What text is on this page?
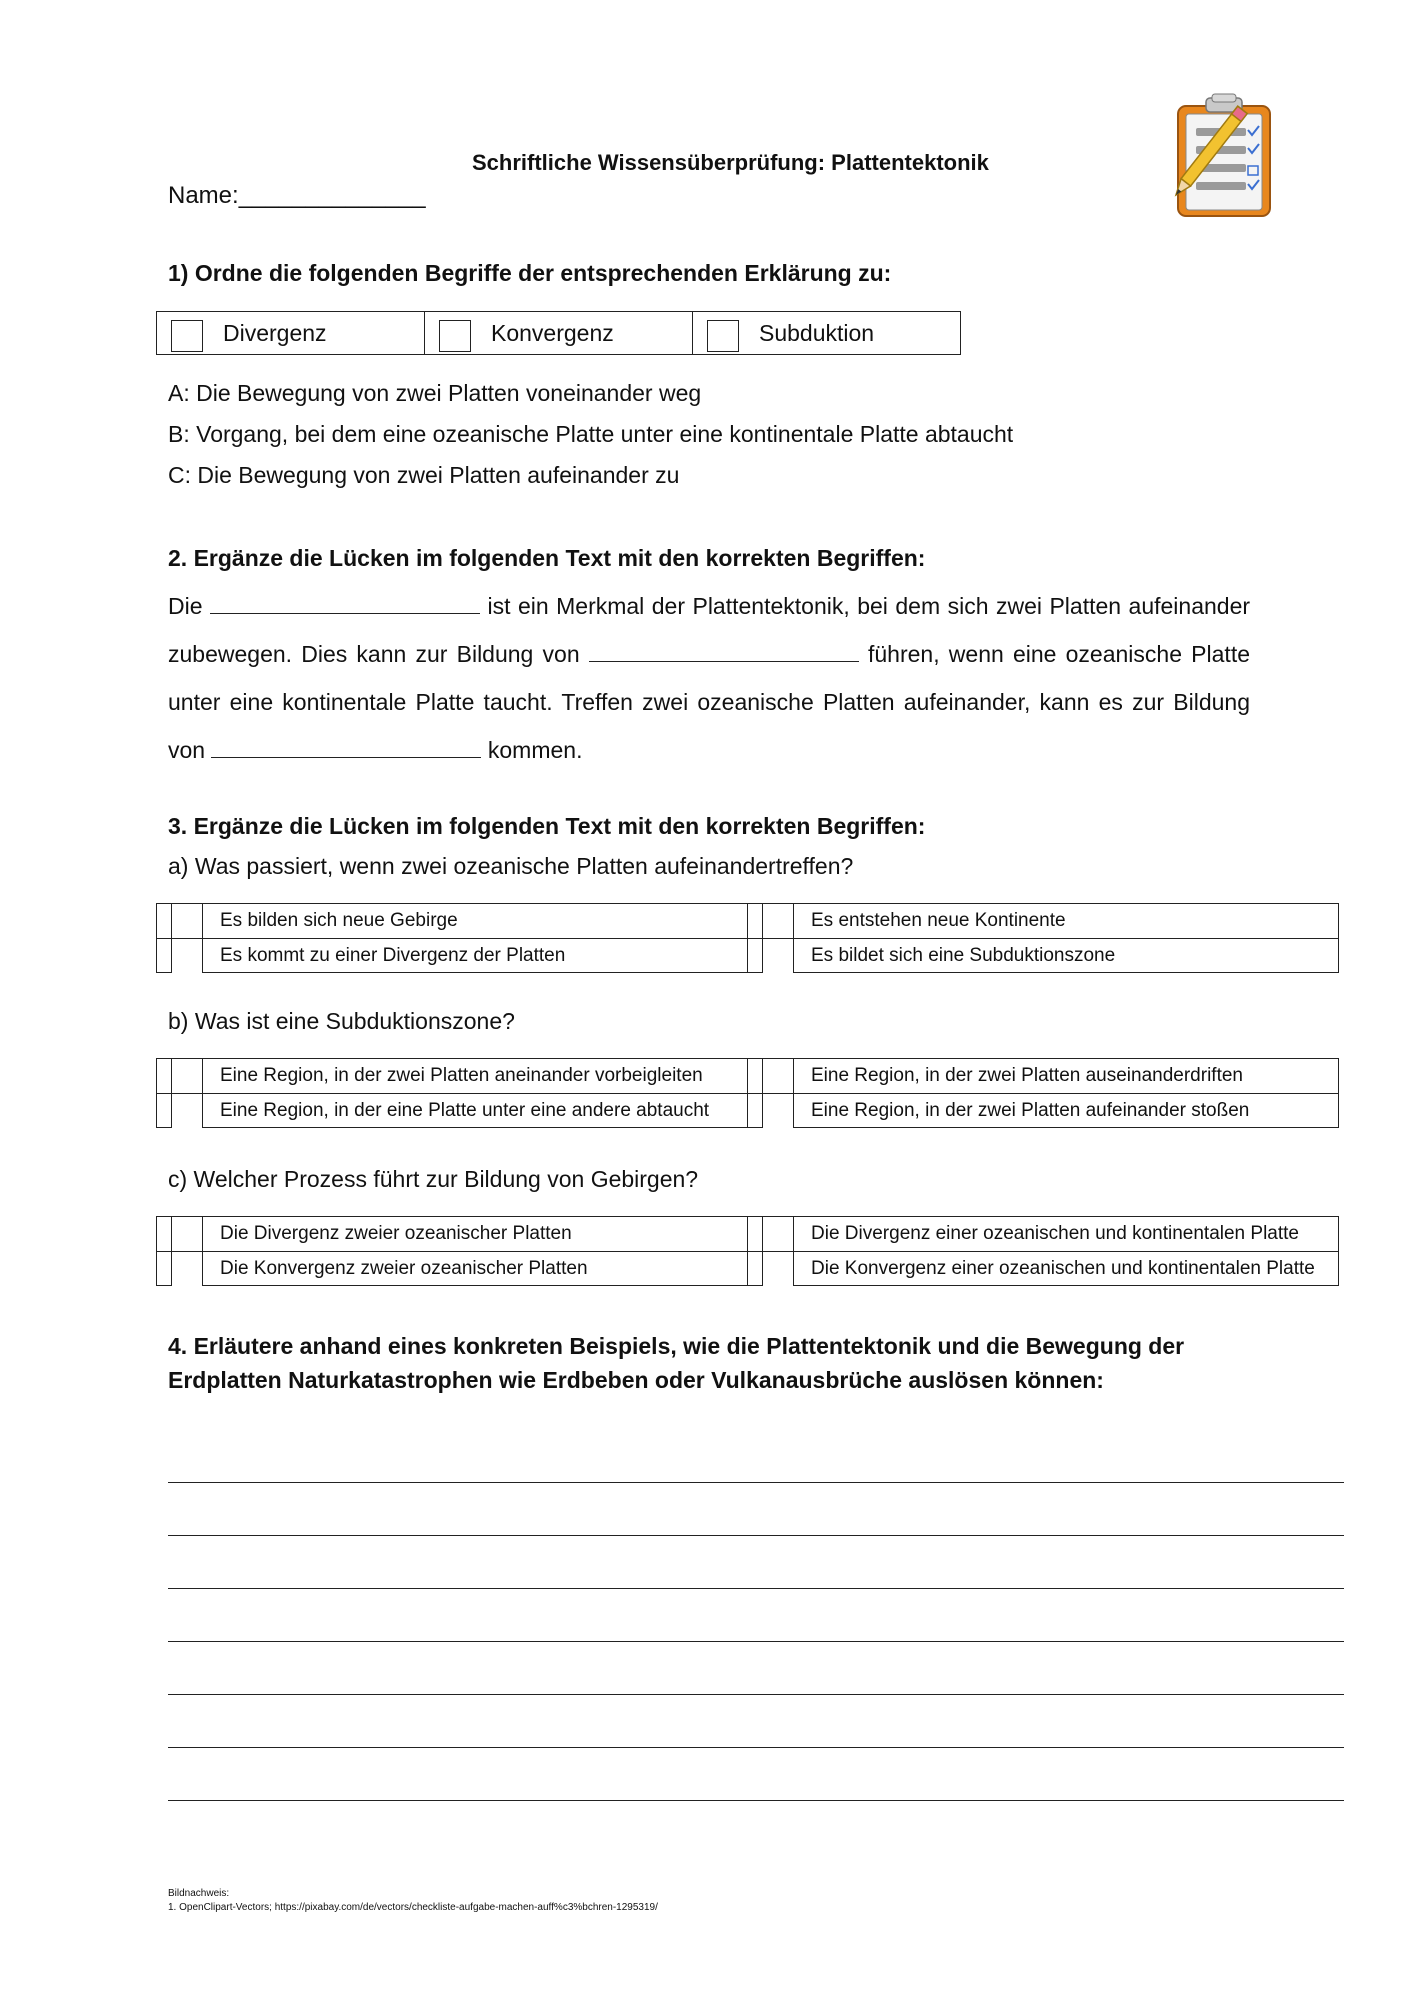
Schriftliche Wissensüberprüfung: Plattentektonik
Name:______________
1) Ordne die folgenden Begriffe der entsprechenden Erklärung zu:
Divergenz	Konvergenz	Subduktion
A: Die Bewegung von zwei Platten voneinander weg
B: Vorgang, bei dem eine ozeanische Platte unter eine kontinentale Platte abtaucht
C: Die Bewegung von zwei Platten aufeinander zu
2. Ergänze die Lücken im folgenden Text mit den korrekten Begriffen:
Die	ist ein Merkmal der Plattentektonik, bei dem sich zwei Platten aufeinander zubewegen. Dies kann zur Bildung von	führen, wenn eine ozeanische Platte unter eine kontinentale Platte taucht. Treffen zwei ozeanische Platten aufeinander, kann es zur Bildung von	kommen.
3. Ergänze die Lücken im folgenden Text mit den korrekten Begriffen:
a) Was passiert, wenn zwei ozeanische Platten aufeinandertreffen?
Es bilden sich neue Gebirge	Es entstehen neue Kontinente
Es kommt zu einer Divergenz der Platten	Es bildet sich eine Subduktionszone
b) Was ist eine Subduktionszone?
Eine Region, in der zwei Platten aneinander vorbeigleiten	Eine Region, in der zwei Platten auseinanderdriften
Eine Region, in der eine Platte unter eine andere abtaucht	Eine Region, in der zwei Platten aufeinander stoßen
c) Welcher Prozess führt zur Bildung von Gebirgen?
Die Divergenz zweier ozeanischer Platten	Die Divergenz einer ozeanischen und kontinentalen Platte
Die Konvergenz zweier ozeanischer Platten	Die Konvergenz einer ozeanischen und kontinentalen Platte
4. Erläutere anhand eines konkreten Beispiels, wie die Plattentektonik und die Bewegung der
Erdplatten Naturkatastrophen wie Erdbeben oder Vulkanausbrüche auslösen können:
Bildnachweis:
1. OpenClipart-Vectors; https://pixabay.com/de/vectors/checkliste-aufgabe-machen-auff%c3%bchren-1295319/
